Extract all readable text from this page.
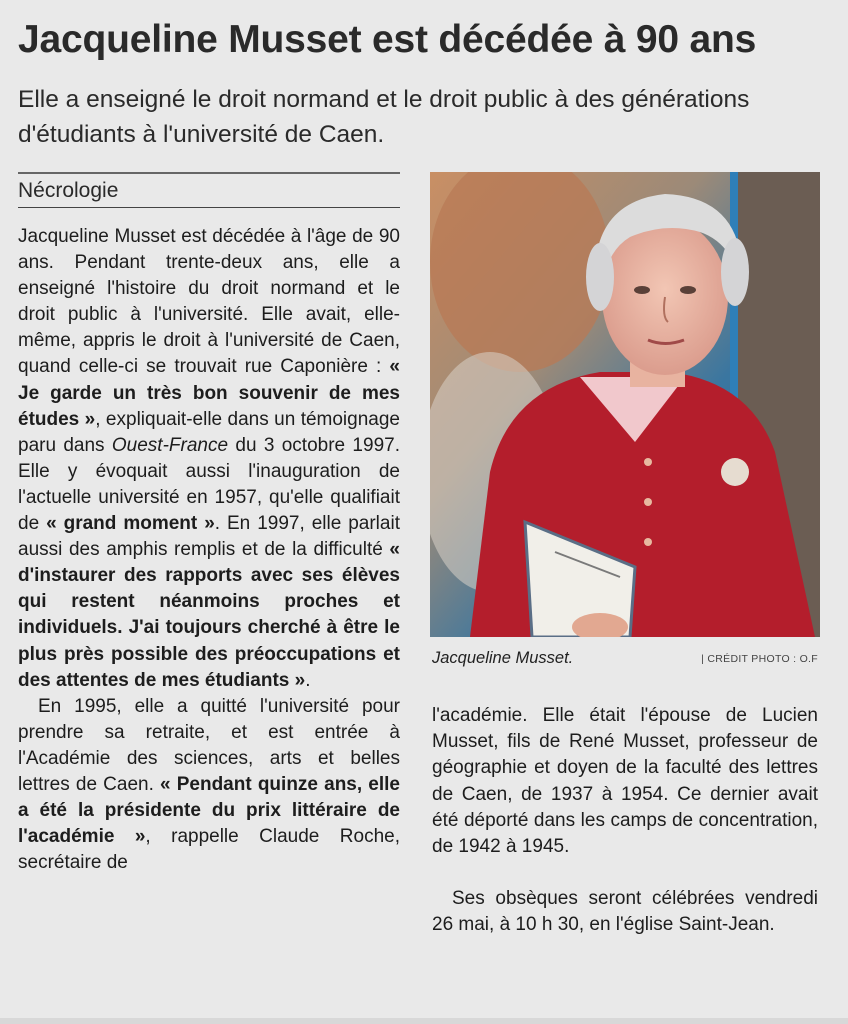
Jacqueline Musset est décédée à 90 ans
Elle a enseigné le droit normand et le droit public à des générations d'étudiants à l'université de Caen.
Nécrologie

Jacqueline Musset est décédée à l'âge de 90 ans. Pendant trente-deux ans, elle a enseigné l'histoire du droit normand et le droit public à l'université. Elle avait, elle-même, appris le droit à l'université de Caen, quand celle-ci se trouvait rue Caponière : « Je garde un très bon souvenir de mes études », expliquait-elle dans un témoignage paru dans Ouest-France du 3 octobre 1997. Elle y évoquait aussi l'inauguration de l'actuelle université en 1957, qu'elle qualifiait de « grand moment ». En 1997, elle parlait aussi des amphis remplis et de la difficulté « d'instaurer des rapports avec ses élèves qui restent néanmoins proches et individuels. J'ai toujours cherché à être le plus près possible des préoccupations et des attentes de mes étudiants ».

En 1995, elle a quitté l'université pour prendre sa retraite, et est entrée à l'Académie des sciences, arts et belles lettres de Caen. « Pendant quinze ans, elle a été la présidente du prix littéraire de l'académie », rappelle Claude Roche, secrétaire de

Jacqueline Musset.	| CRÉDIT PHOTO : O.F

l'académie. Elle était l'épouse de Lucien Musset, fils de René Musset, professeur de géographie et doyen de la faculté des lettres de Caen, de 1937 à 1954. Ce dernier avait été déporté dans les camps de concentration, de 1942 à 1945.

Ses obsèques seront célébrées vendredi 26 mai, à 10 h 30, en l'église Saint-Jean.
